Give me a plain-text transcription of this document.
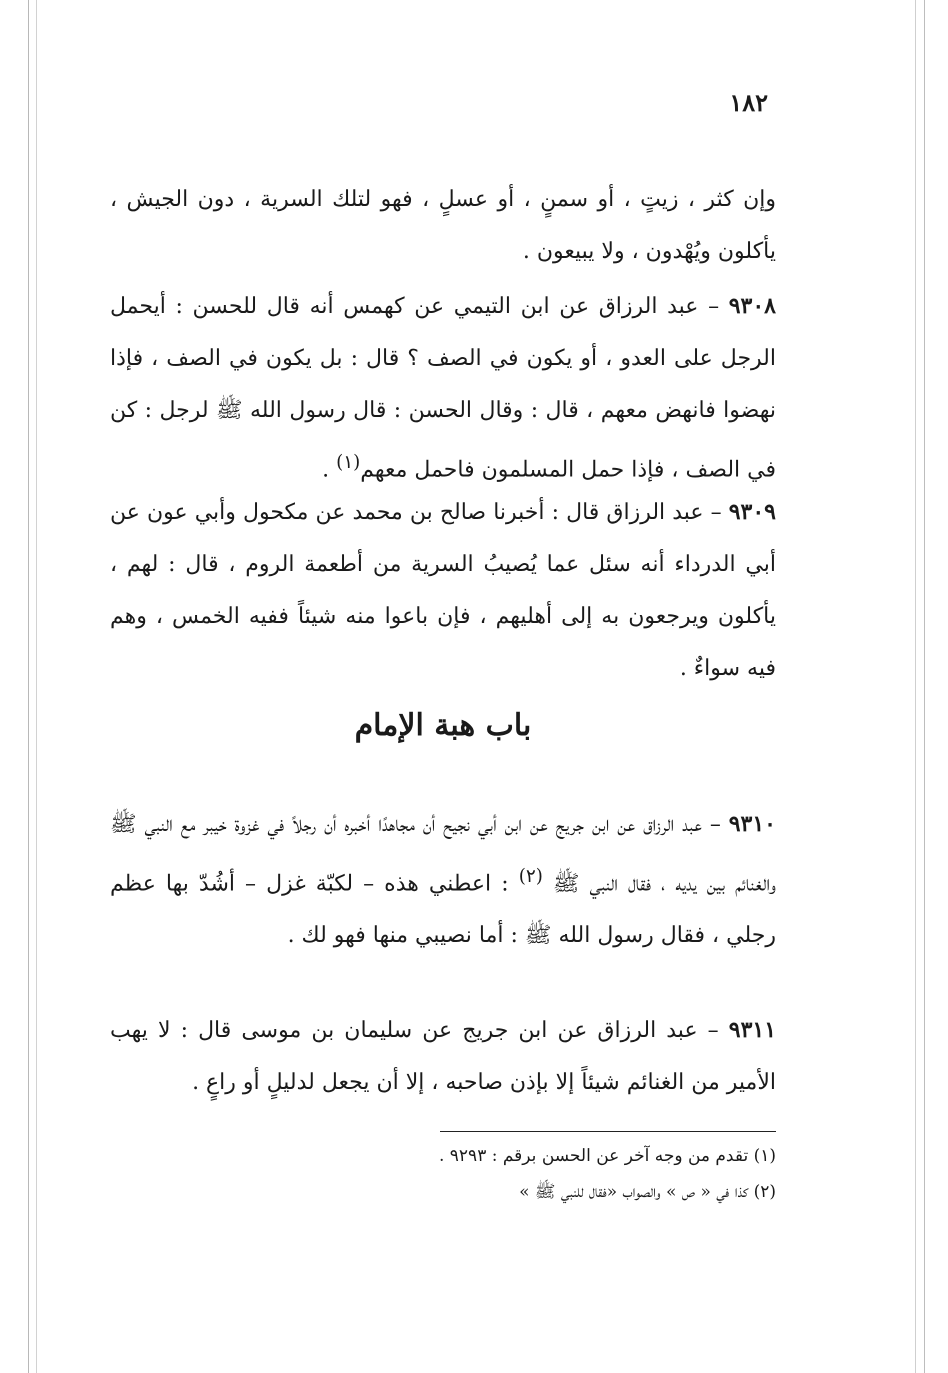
١٨٢

وإن كثر ، زيتٍ ، أو سمنٍ ، أو عسلٍ ، فهو لتلك السرية ، دون الجيش ، يأكلون ويُهْدون ، ولا يبيعون .

٩٣٠٨ – عبد الرزاق عن ابن التيمي عن كهمس أنه قال للحسن : أيحمل الرجل على العدو ، أو يكون في الصف ؟ قال : بل يكون في الصف ، فإذا نهضوا فانهض معهم ، قال : وقال الحسن : قال رسول الله ﷺ لرجل : كن في الصف ، فإذا حمل المسلمون فاحمل معهم$^{(١)}$ .

٩٣٠٩ – عبد الرزاق قال : أخبرنا صالح بن محمد عن مكحول وأبي عون عن أبي الدرداء أنه سئل عما يُصيبُ السرية من أطعمة الروم ، قال : لهم ، يأكلون ويرجعون به إلى أهليهم ، فإن باعوا منه شيئاً ففيه الخمس ، وهم فيه سواءٌ .

باب هبة الإمام

٩٣١٠ – عبد الرزاق عن ابن جريج عن ابن أبي نجيح أن مجاهدًا أخبره أن رجلاً في غزوة خيبر مع النبي ﷺ والغنائم بين يديه ، فقال النبي ﷺ $^{(٢)}$ : اعطني هذه – لكبّة غزل – أشُدّ بها عظم رجلي ، فقال رسول الله ﷺ : أما نصيبي منها فهو لك .

٩٣١١ – عبد الرزاق عن ابن جريج عن سليمان بن موسى قال : لا يهب الأمير من الغنائم شيئاً إلا بإذن صاحبه ، إلا أن يجعل لدليلٍ أو راعٍ .

(١) تقدم من وجه آخر عن الحسن برقم : ٩٢٩٣ .
(٢) كذا في « ص » والصواب «فقال للنبي ﷺ »
